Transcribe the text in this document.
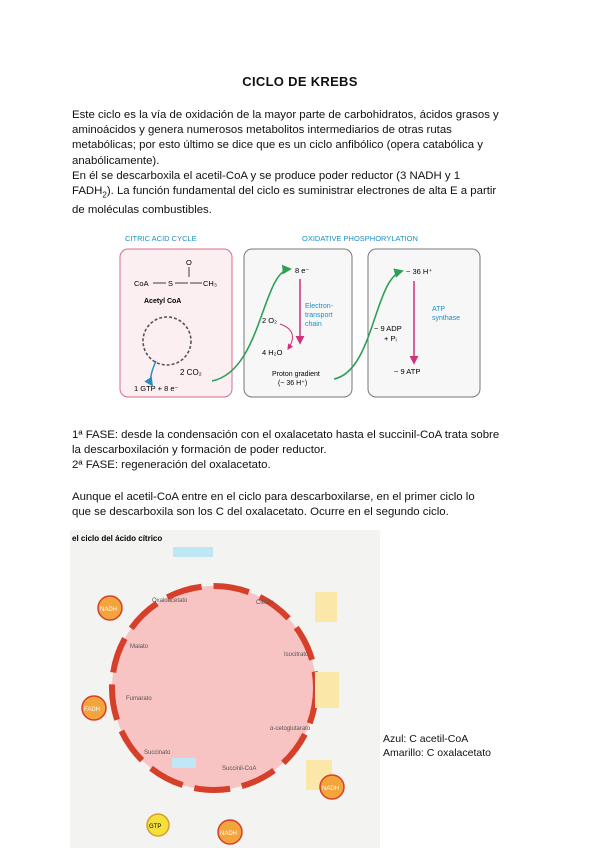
CICLO DE KREBS

Este ciclo es la vía de oxidación de la mayor parte de carbohidratos, ácidos grasos y

aminoácidos y genera numerosos metabolitos intermediarios de otras rutas

metabólicas; por esto último se dice que es un ciclo anfibólico (opera catabólica y

anabólicamente).

En él se descarboxila el acetil-CoA y se produce poder reductor (3 NADH y 1

$FADH_2$). La función fundamental del ciclo es suministrar electrones de alta E a partir

de moléculas combustibles.

CITRIC ACID CYCLE	OXIDATIVE PHOSPHORYLATION
CoA	S
O
CH₃
Acetyl CoA
2 CO₂
1 GTP + 8 e⁻
8 e⁻
2 O₂
4 H₂O
Electron-
transport
chain
Proton gradient
(~ 36 H⁺)
~ 36 H⁺
~ 9 ADP
+ Pᵢ
~ 9 ATP
ATP
synthase

1ª FASE: desde la condensación con el oxalacetato hasta el succinil-CoA trata sobre

la descarboxilación y formación de poder reductor.

2ª FASE: regeneración del oxalacetato.

Aunque el acetil-CoA entre en el ciclo para descarboxilarse, en el primer ciclo lo

que se descarboxila son los C del oxalacetato. Ocurre en el segundo ciclo.

el ciclo del ácido cítrico
NADH
FADH
GTP
NADH
NADH
Malato
Fumarato
Succinato
Citrato
Oxaloacetato
Isocitrato
α-cetoglutarato
Succinil-CoA
Azul: C acetil-CoA
Amarillo: C oxalacetato
